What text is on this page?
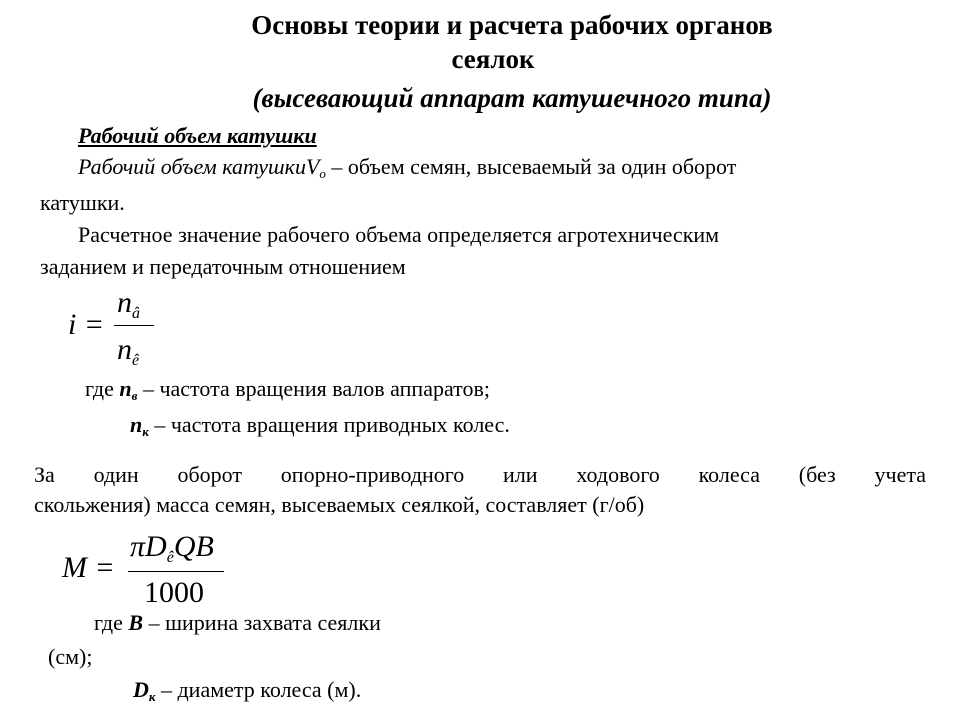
Основы теории и расчета рабочих органов
сеялок
(высевающий аппарат катушечного типа)
Рабочий объем катушки
Рабочий объем катушкиV$_o$ – объем семян, высеваемый за один оборот
катушки.
Расчетное значение рабочего объема определяется агротехническим
заданием и передаточным отношением
i =
$n_â$
$n_ê$
где $n_в$ – частота вращения валов аппаратов;
$n_к$ – частота вращения приводных колес.
За один оборот опорно-приводного или ходового колеса (без учета
скольжения) масса семян, высеваемых сеялкой, составляет (г/об)
M =
$\pi D_êQB$
1000
где B – ширина захвата сеялки
(см);
$D_к$ – диаметр колеса (м).
